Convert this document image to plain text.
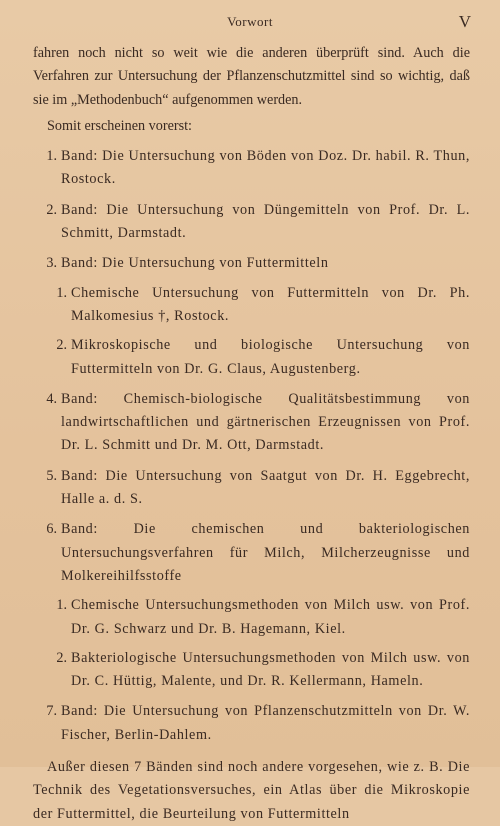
Vorwort	V

fahren noch nicht so weit wie die anderen überprüft sind. Auch die Verfahren zur Untersuchung der Pflanzenschutzmittel sind so wichtig, daß sie im „Methodenbuch“ aufgenommen werden.

Somit erscheinen vorerst:

1. Band: Die Untersuchung von Böden von Doz. Dr. habil. R. Thun, Rostock.
2. Band: Die Untersuchung von Düngemitteln von Prof. Dr. L. Schmitt, Darmstadt.
3. Band: Die Untersuchung von Futtermitteln
1. Chemische Untersuchung von Futtermitteln von Dr. Ph. Malkomesius †, Rostock.
2. Mikroskopische und biologische Untersuchung von Futtermitteln von Dr. G. Claus, Augustenberg.
4. Band: Chemisch-biologische Qualitätsbestimmung von landwirtschaftlichen und gärtnerischen Erzeugnissen von Prof. Dr. L. Schmitt und Dr. M. Ott, Darmstadt.
5. Band: Die Untersuchung von Saatgut von Dr. H. Eggebrecht, Halle a. d. S.
6. Band: Die chemischen und bakteriologischen Untersuchungsverfahren für Milch, Milcherzeugnisse und Molkereihilfsstoffe
1. Chemische Untersuchungsmethoden von Milch usw. von Prof. Dr. G. Schwarz und Dr. B. Hagemann, Kiel.
2. Bakteriologische Untersuchungsmethoden von Milch usw. von Dr. C. Hüttig, Malente, und Dr. R. Kellermann, Hameln.
7. Band: Die Untersuchung von Pflanzenschutzmitteln von Dr. W. Fischer, Berlin-Dahlem.

Außer diesen 7 Bänden sind noch andere vorgesehen, wie z. B. Die Technik des Vegetationsversuches, ein Atlas über die Mikroskopie der Futtermittel, die Beurteilung von Futtermitteln
